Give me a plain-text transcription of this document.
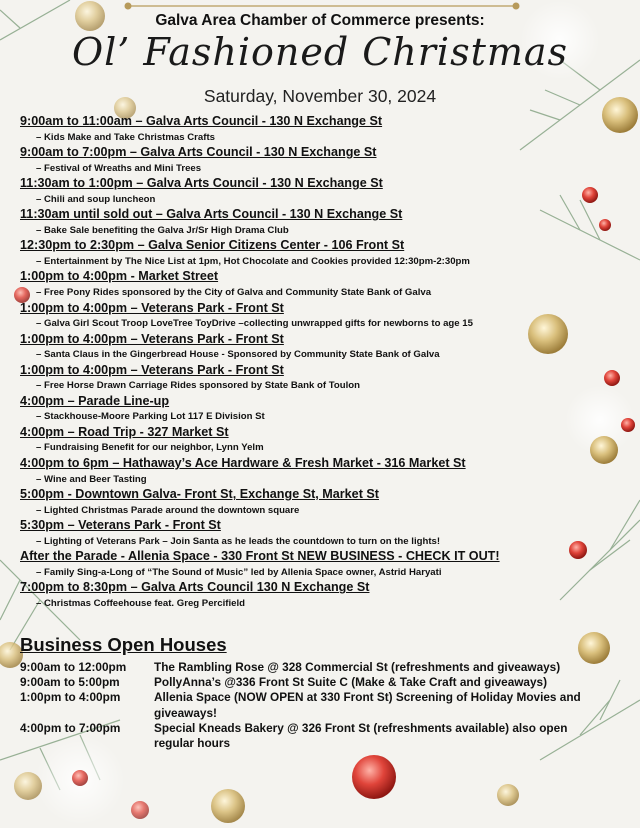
Galva Area Chamber of Commerce presents:
Ol’ Fashioned Christmas
Saturday, November 30, 2024
9:00am to 11:00am – Galva Arts Council - 130 N Exchange St
– Kids Make and Take Christmas Crafts
9:00am to 7:00pm – Galva Arts Council - 130 N Exchange St
– Festival of Wreaths and Mini Trees
11:30am to 1:00pm – Galva Arts Council - 130 N Exchange St
– Chili and soup luncheon
11:30am until sold out – Galva Arts Council - 130 N Exchange St
– Bake Sale benefiting the Galva Jr/Sr High Drama Club
12:30pm to 2:30pm – Galva Senior Citizens Center - 106 Front St
– Entertainment by The Nice List at 1pm, Hot Chocolate and Cookies provided 12:30pm-2:30pm
1:00pm to 4:00pm - Market Street
– Free Pony Rides sponsored by the City of Galva and Community State Bank of Galva
1:00pm to 4:00pm – Veterans Park - Front St
– Galva Girl Scout Troop LoveTree ToyDrive –collecting unwrapped gifts for newborns to age 15
1:00pm to 4:00pm – Veterans Park - Front St
– Santa Claus in the Gingerbread House - Sponsored by Community State Bank of Galva
1:00pm to 4:00pm – Veterans Park - Front St
– Free Horse Drawn Carriage Rides sponsored by State Bank of Toulon
4:00pm – Parade Line-up
– Stackhouse-Moore Parking Lot 117 E Division St
4:00pm – Road Trip - 327 Market St
– Fundraising Benefit for our neighbor, Lynn Yelm
4:00pm to 6pm – Hathaway’s Ace Hardware & Fresh Market - 316 Market St
– Wine and Beer Tasting
5:00pm - Downtown Galva- Front St, Exchange St, Market St
– Lighted Christmas Parade around the downtown square
5:30pm – Veterans Park - Front St
– Lighting of Veterans Park – Join Santa as he leads the countdown to turn on the lights!
After the Parade - Allenia Space - 330 Front St NEW BUSINESS - CHECK IT OUT!
– Family Sing-a-Long of “The Sound of Music” led by Allenia Space owner, Astrid Haryati
7:00pm to 8:30pm – Galva Arts Council 130 N Exchange St
– Christmas Coffeehouse feat. Greg Percifield
Business Open Houses
9:00am to 12:00pm	The Rambling Rose @ 328 Commercial St (refreshments and giveaways)
9:00am to 5:00pm	PollyAnna’s @336 Front St Suite C (Make & Take Craft and giveaways)
1:00pm to 4:00pm	Allenia Space (NOW OPEN at 330 Front St) Screening of Holiday Movies and
giveaways!
4:00pm to 7:00pm	Special Kneads Bakery @ 326 Front St (refreshments available) also open
regular hours
